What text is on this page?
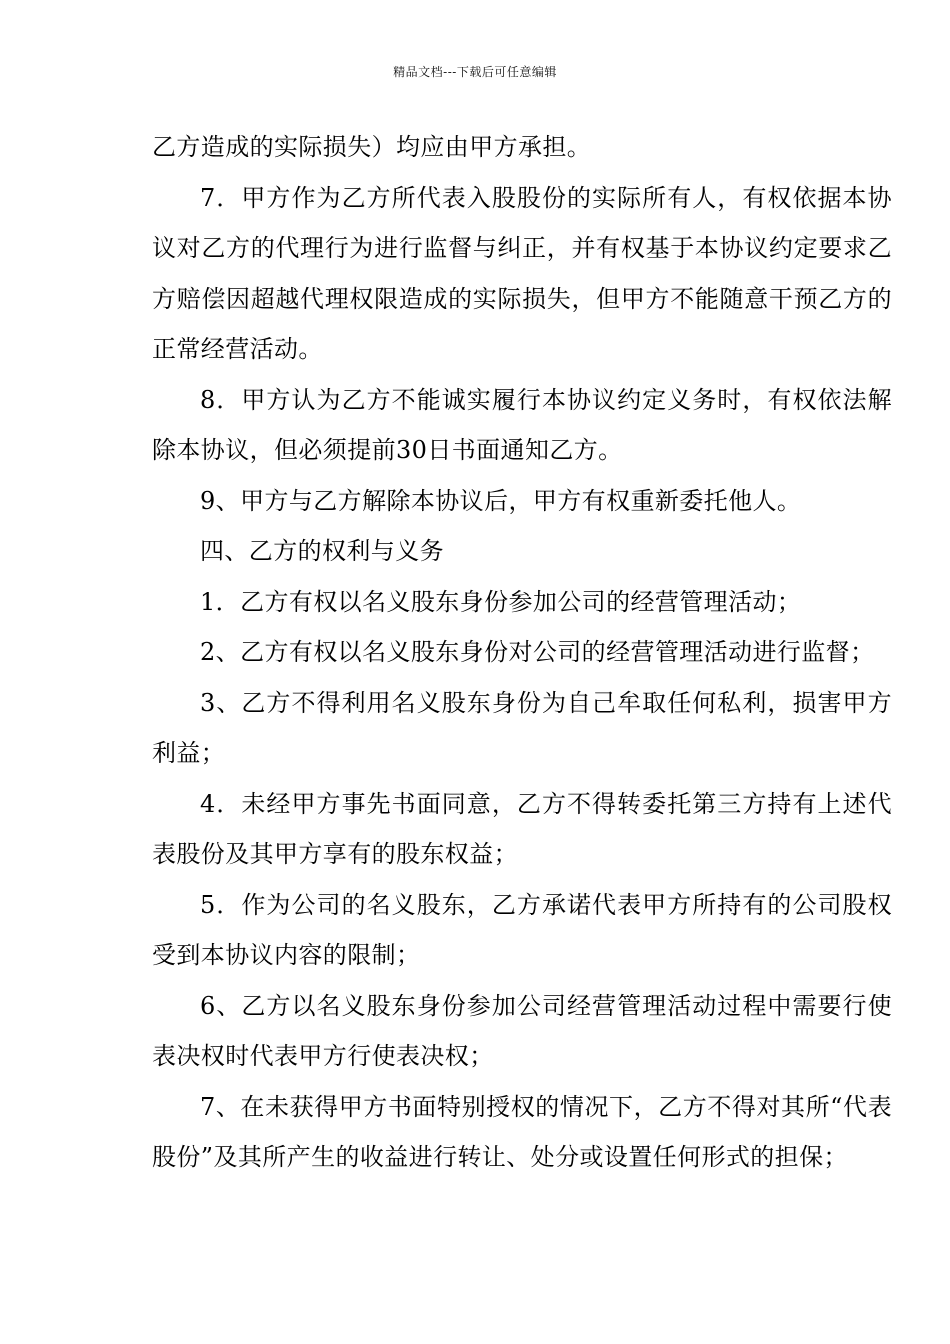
精品文档---下载后可任意编辑

乙方造成的实际损失）均应由甲方承担。

7．甲方作为乙方所代表入股股份的实际所有人，有权依据本协议对乙方的代理行为进行监督与纠正，并有权基于本协议约定要求乙方赔偿因超越代理权限造成的实际损失，但甲方不能随意干预乙方的正常经营活动。

8．甲方认为乙方不能诚实履行本协议约定义务时，有权依法解除本协议，但必须提前30日书面通知乙方。

9、甲方与乙方解除本协议后，甲方有权重新委托他人。

四、乙方的权利与义务

1．乙方有权以名义股东身份参加公司的经营管理活动；

2、乙方有权以名义股东身份对公司的经营管理活动进行监督；

3、乙方不得利用名义股东身份为自己牟取任何私利，损害甲方利益；

4．未经甲方事先书面同意，乙方不得转委托第三方持有上述代表股份及其甲方享有的股东权益；

5．作为公司的名义股东，乙方承诺代表甲方所持有的公司股权受到本协议内容的限制；

6、乙方以名义股东身份参加公司经营管理活动过程中需要行使表决权时代表甲方行使表决权；

7、在未获得甲方书面特别授权的情况下，乙方不得对其所“代表股份”及其所产生的收益进行转让、处分或设置任何形式的担保；
